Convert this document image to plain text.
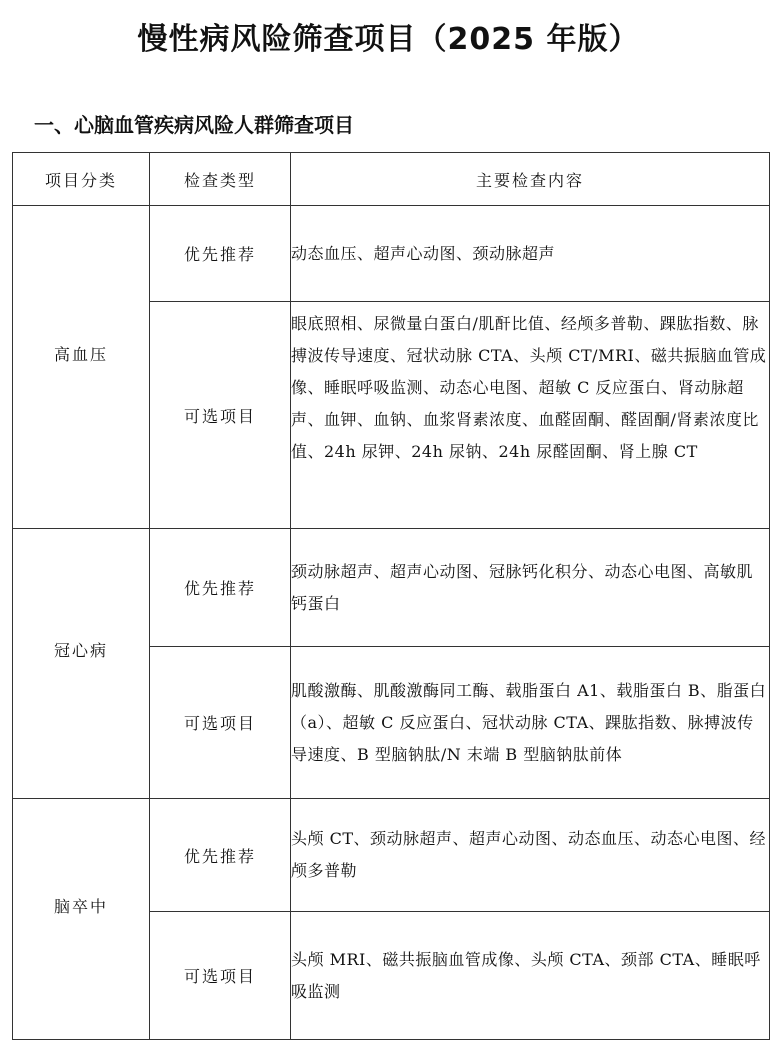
慢性病风险筛查项目（2025 年版）
一、心脑血管疾病风险人群筛查项目
项目分类	检查类型	主要检查内容
高血压	优先推荐	动态血压、超声心动图、颈动脉超声
	可选项目	眼底照相、尿微量白蛋白/肌酐比值、经颅多普勒、踝肱指数、脉搏波传导速度、冠状动脉 CTA、头颅 CT/MRI、磁共振脑血管成像、睡眠呼吸监测、动态心电图、超敏 C 反应蛋白、肾动脉超声、血钾、血钠、血浆肾素浓度、血醛固酮、醛固酮/肾素浓度比值、24h 尿钾、24h 尿钠、24h 尿醛固酮、肾上腺 CT
冠心病	优先推荐	颈动脉超声、超声心动图、冠脉钙化积分、动态心电图、高敏肌钙蛋白
	可选项目	肌酸激酶、肌酸激酶同工酶、载脂蛋白 A1、载脂蛋白 B、脂蛋白（a）、超敏 C 反应蛋白、冠状动脉 CTA、踝肱指数、脉搏波传导速度、B 型脑钠肽/N 末端 B 型脑钠肽前体
脑卒中	优先推荐	头颅 CT、颈动脉超声、超声心动图、动态血压、动态心电图、经颅多普勒
	可选项目	头颅 MRI、磁共振脑血管成像、头颅 CTA、颈部 CTA、睡眠呼吸监测
